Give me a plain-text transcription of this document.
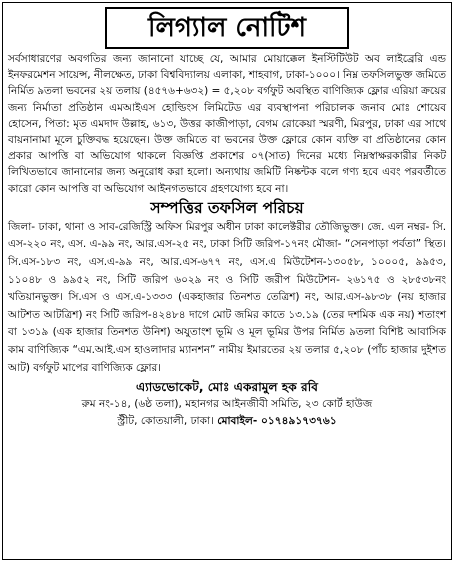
লিগ্যাল নোটিশ

সর্বসাধারণের অবগতির জন্য জানানো যাচ্ছে যে, আমার মোয়াক্কেল ইনস্টিটিউট অব লাইব্রেরি এন্ড ইনফরমেশন সায়েন্স, নীলক্ষেত, ঢাকা বিশ্ববিদ্যালয় এলাকা, শাহবাগ, ঢাকা-১০০০। নিম্ন তফসিলভুক্ত জমিতে নির্মিত ৯তলা ভবনের ২য় তলায় (৪৫৭৬+৬৩২) = ৫,২০৮ বর্গফুট অবস্থিত বাণিজ্যিক ফ্লোর এরিয়া ক্রয়ের জন্য নির্মাতা প্রতিষ্ঠান এমআইএস হোল্ডিংস লিমিটেড এর ব্যবস্থাপনা পরিচালক জনাব মোঃ শোয়েব হোসেন, পিতা: মৃত এমদাদ উল্লাহ, ৬১৩, উত্তর কাজীপাড়া, বেগম রোকেয়া স্মরণী, মিরপুর, ঢাকা এর সাথে বায়নানামা মূলে চুক্তিবদ্ধ হয়েছেন। উক্ত জমিতে বা ভবনের উক্ত ফ্লোরে কোন ব্যক্তি বা প্রতিষ্ঠানের কোন প্রকার আপত্তি বা অভিযোগ থাকলে বিজ্ঞপ্তি প্রকাশের ০৭(সাত) দিনের মধ্যে নিম্নস্বাক্ষরকারীর নিকট লিখিতভাবে জানানোর জন্য অনুরোধ করা হলো। অন্যথায় জমিটি নিষ্কন্টক বলে গণ্য হবে এবং পরবর্তীতে কারো কোন আপত্তি বা অভিযোগ আইনগতভাবে গ্রহণযোগ্য হবে না।

সম্পত্তির তফসিল পরিচয়

জিলা- ঢাকা, থানা ও সাব-রেজিস্ট্রি অফিস মিরপুর অধীন ঢাকা কালেক্টরীর তৌজিভুক্ত। জে. এল নম্বর- সি. এস-২২০ নং, এস. এ-৯৯ নং, আর.এস-২৫ নং, ঢাকা সিটি জরিপ-১৭নং মৌজা- “সেনপাড়া পর্বতা” স্থিত। সি.এস-১৮৩ নং, এস.এ-৯৯ নং, আর.এস-৬৭৭ নং, এস.এ মিউটেশন-১৩০৫৮, ১০০০৫, ৯৯৫৩, ১১০৪৮ ও ৯৯৫২ নং, সিটি জরিপ ৬০২৯ নং ও সিটি জরীপ মিউটেশন- ২৬১৭৫ ও ২৮৫৩৮নং খতিয়ানভুক্ত। সি.এস ও এস.এ-১৩৩৩ (একহাজার তিনশত তেত্রিশ) নং, আর.এস-৯৮৩৮ (নয় হাজার আটশত আটত্রিশ) নং সিটি জরিপ-৪২৪৮৪ দাগে মোট জমির কাতে ১৩.১৯ (তের দশমিক এক নয়) শতাংশ বা ১৩১৯ (এক হাজার তিনশত উনিশ) অযুতাংশ ভূমি ও মূল ভূমির উপর নির্মিত ৯তলা বিশিষ্ট আবাসিক কাম বাণিজ্যিক “এম.আই.এস হাওলাদার ম্যানশন” নামীয় ইমারতের ২য় তলার ৫,২০৮ (পাঁচ হাজার দুইশত আট) বর্গফুট মাপের বাণিজ্যিক ফ্লোর।

এ্যাডভোকেট, মোঃ একরামুল হক রবি

রুম নং-১৪, (৬ষ্ঠ তলা), মহানগর আইনজীবী সমিতি, ২৩ কোর্ট হাউজ

স্ট্রীট, কোতয়ালী, ঢাকা। মোবাইল- ০১৭৪৯১৭৩৭৬১
